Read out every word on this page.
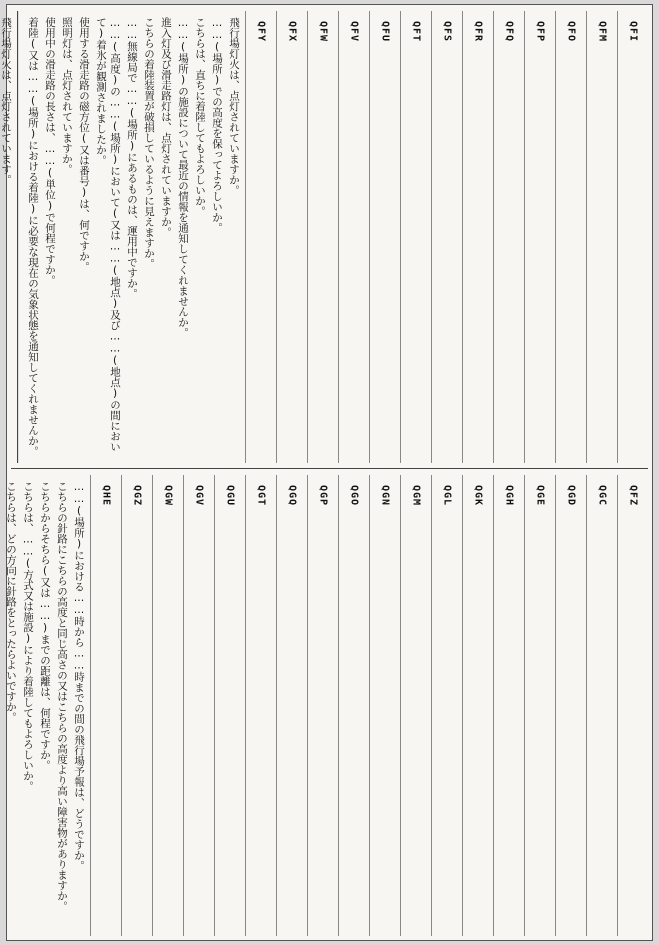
QFI
QFM
QFO
QFP
QFQ
QFR
QFS
QFT
QFU
QFV
QFW
QFX
QFY
飛行場灯火は、点灯されていますか。
……(場所)での高度を保ってよろしいか。
こちらは、直ちに着陸してもよろしいか。
……(場所)の施設について最近の情報を通知してくれませんか。
進入灯及び滑走路灯は、点灯されていますか。
こちらの着陸装置が破損しているように見えますか。
……無線局で……(場所)にあるものは、運用中ですか。
……(高度)の……(場所)において(又は……(地点)及び……(地点)の間において)着氷が観測されましたか。
使用する滑走路の磁方位(又は番号)は、何ですか。
照明灯は、点灯されていますか。
使用中の滑走路の長さは、……(単位)で何程ですか。
着陸(又は……(場所)における着陸)に必要な現在の気象状態を通知してくれませんか。
飛行場灯火は、点灯されています。

QFZ
QGC
QGD
QGE
QGH
QGK
QGL
QGM
QGN
QGO
QGP
QGQ
QGT
QGU
QGV
QGW
QGZ
QHE
……(場所)における……時から……時までの間の飛行場予報は、どうですか。
こちらの針路にこちらの高度と同じ高さの又はこちらの高度より高い障害物がありますか。
こちらからそちら(又は……)までの距離は、何程ですか。
こちらは、……(方式又は施設)により着陸してもよろしいか。
こちらは、どの方向に針路をとったらよいですか。
